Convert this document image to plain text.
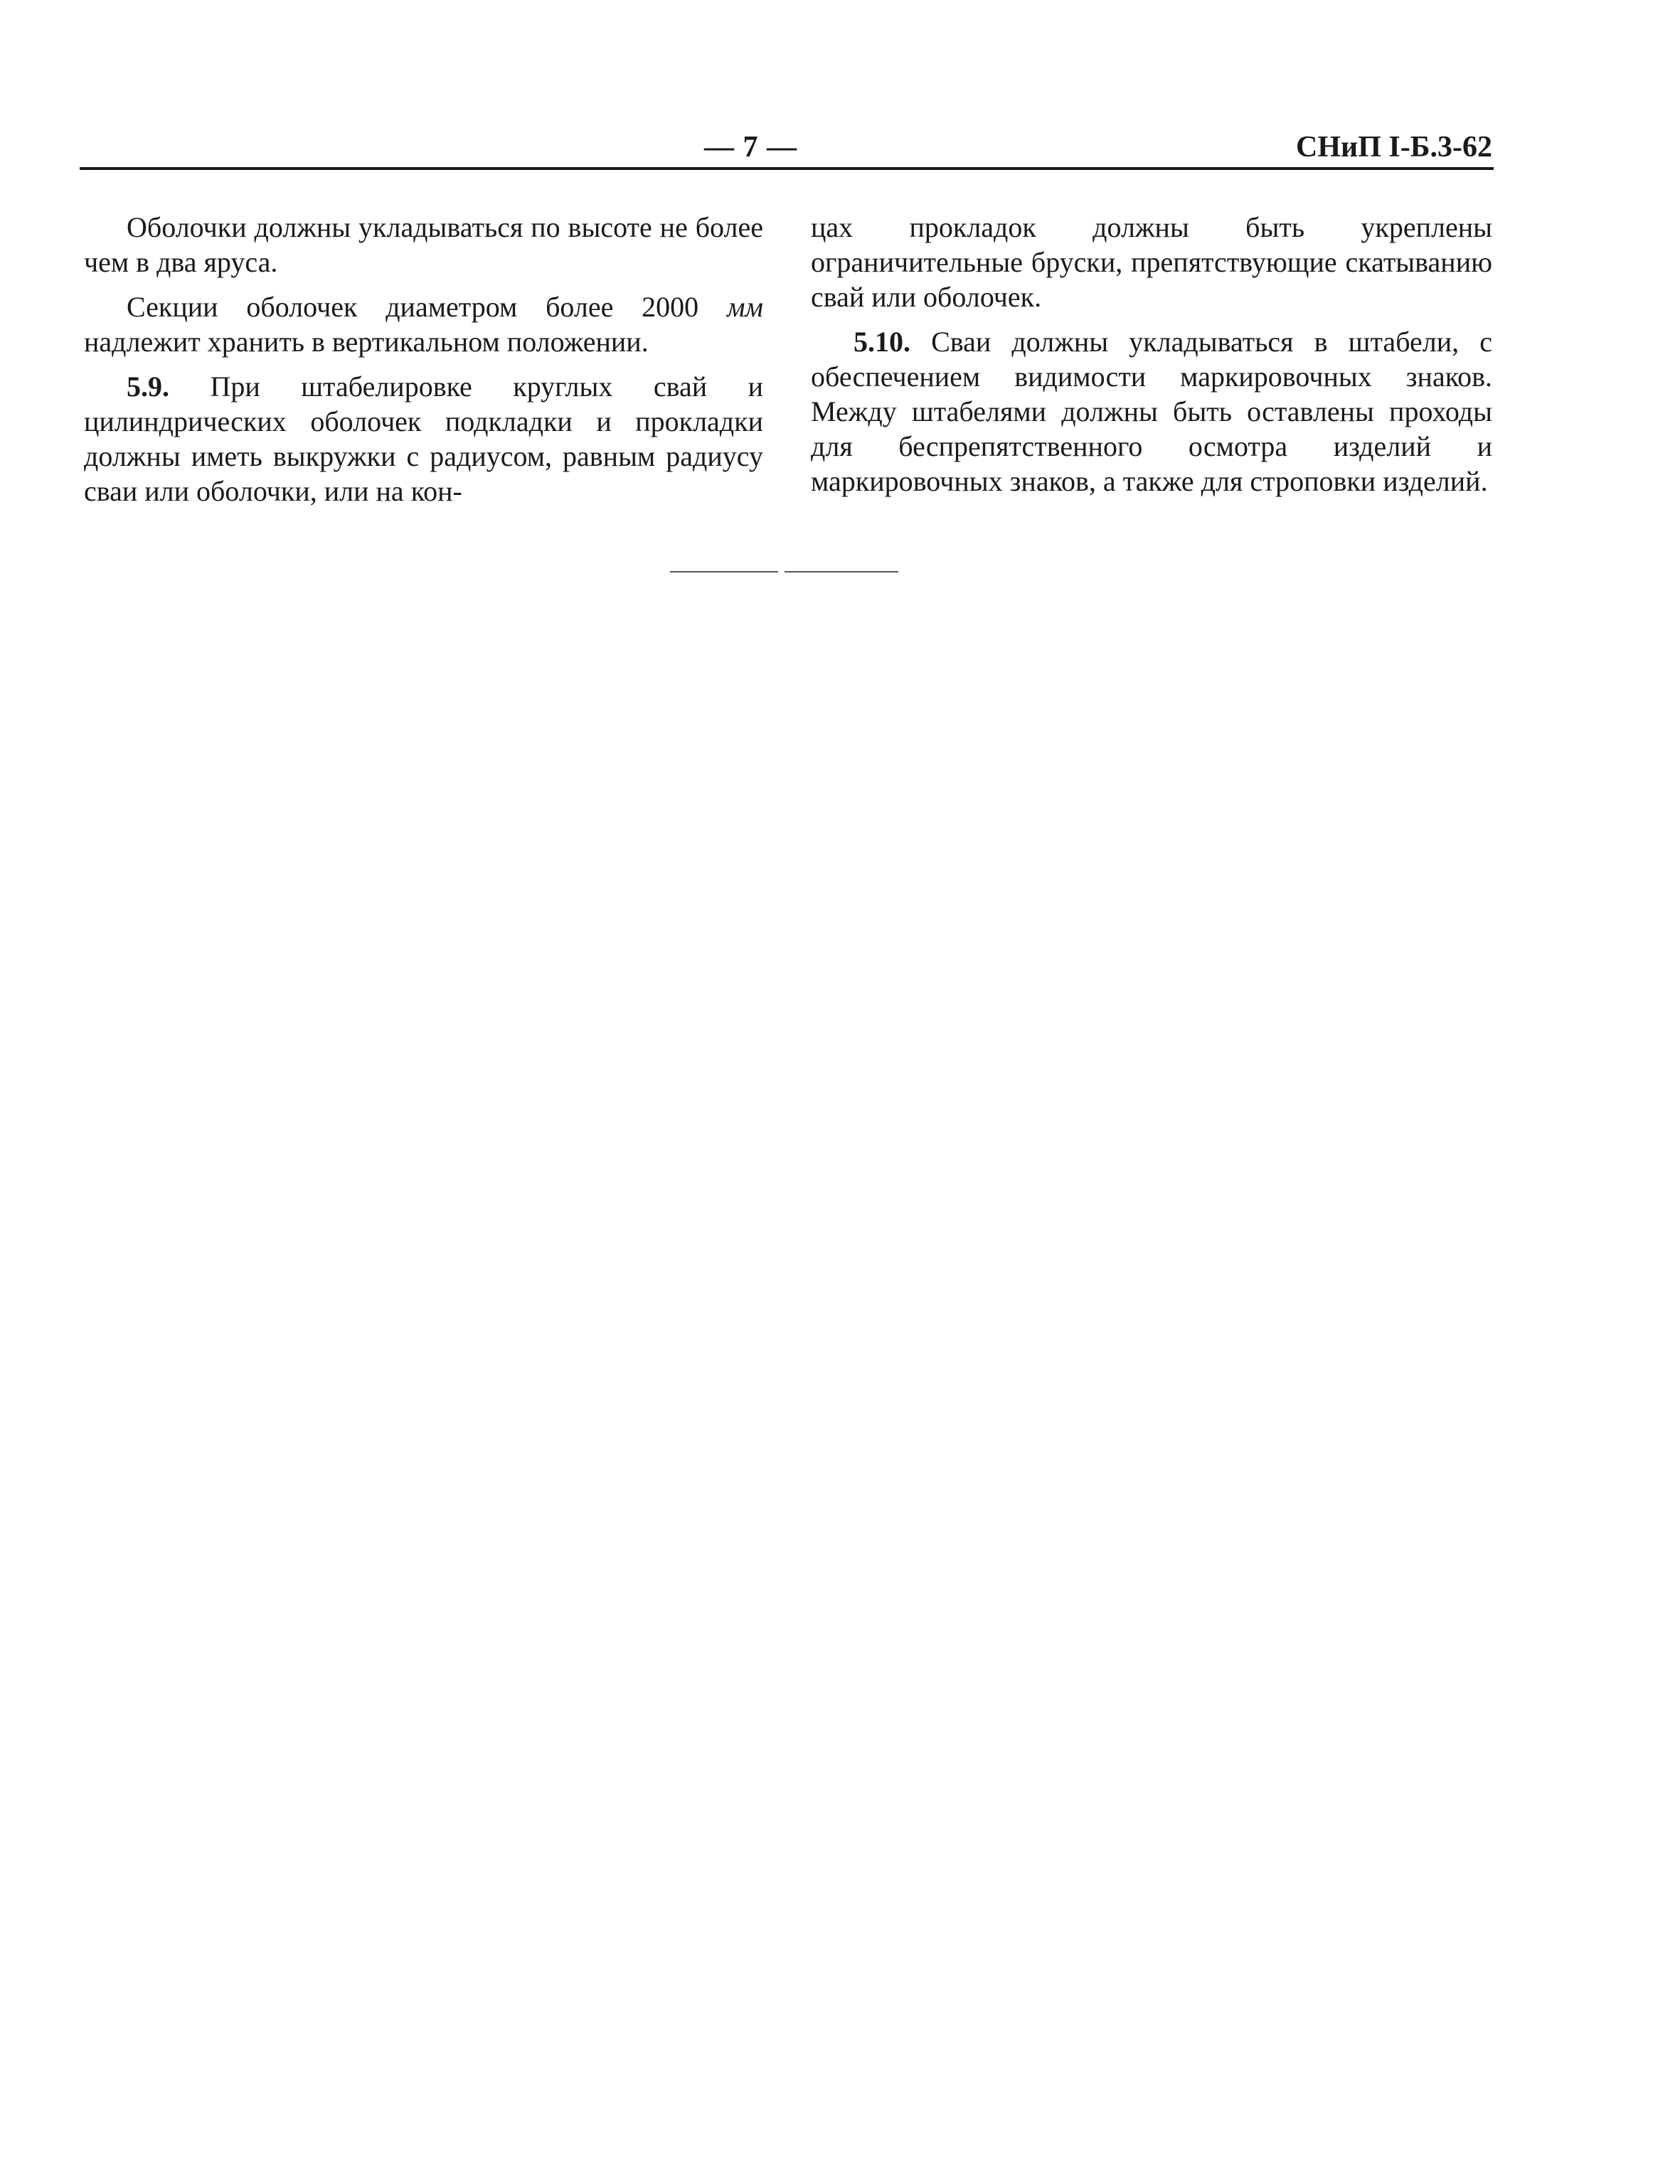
— 7 —	СНиП I-Б.3-62

Оболочки должны укладываться по высоте не более чем в два яруса.

Секции оболочек диаметром более 2000 мм надлежит хранить в вертикальном положении.

5.9. При штабелировке круглых свай и цилиндрических оболочек подкладки и прокладки должны иметь выкружки с радиусом, равным радиусу сваи или оболочки, или на кон-

цах прокладок должны быть укреплены ограничительные бруски, препятствующие скатыванию свай или оболочек.

5.10. Сваи должны укладываться в штабели, с обеспечением видимости маркировочных знаков. Между штабелями должны быть оставлены проходы для беспрепятственного осмотра изделий и маркировочных знаков, а также для строповки изделий.
